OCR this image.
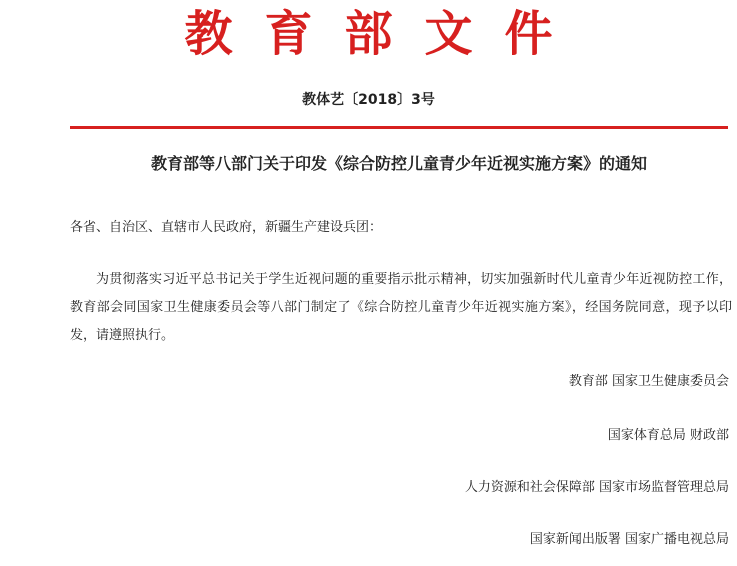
教育部文件
教体艺〔2018〕3号
教育部等八部门关于印发《综合防控儿童青少年近视实施方案》的通知
各省、自治区、直辖市人民政府，新疆生产建设兵团：
为贯彻落实习近平总书记关于学生近视问题的重要指示批示精神，切实加强新时代儿童青少年近视防控工作，教育部会同国家卫生健康委员会等八部门制定了《综合防控儿童青少年近视实施方案》，经国务院同意，现予以印发，请遵照执行。
教育部 国家卫生健康委员会
国家体育总局 财政部
人力资源和社会保障部 国家市场监督管理总局
国家新闻出版署 国家广播电视总局
